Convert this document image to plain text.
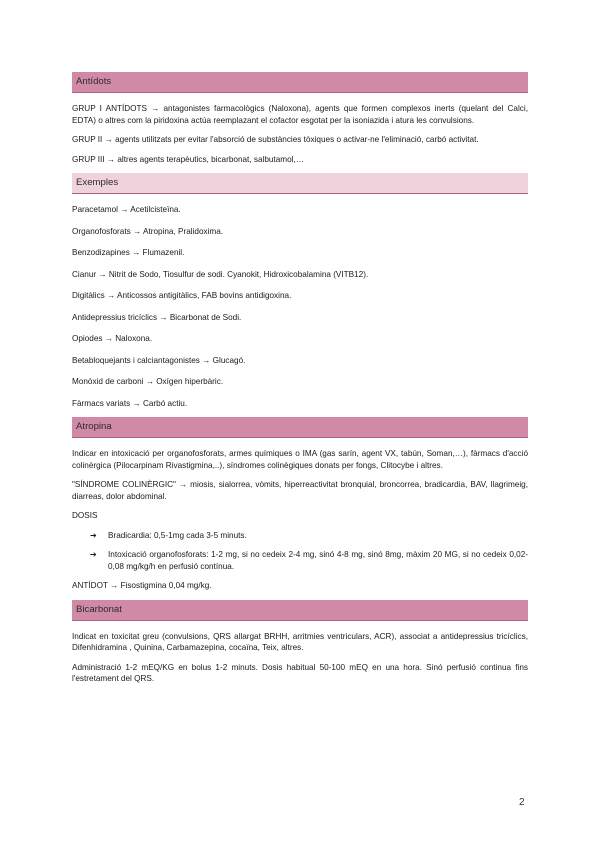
Antídots

GRUP I ANTÍDOTS → antagonistes farmacològics (Naloxona), agents que formen complexos inerts (quelant del Calci, EDTA) o altres com la piridoxina actúa reemplazant el cofactor esgotat per la isoniazida i atura les convulsions.

GRUP II → agents utilitzats per evitar l'absorció de substàncies tòxiques o activar-ne l'eliminació, carbó activitat.

GRUP III → altres agents terapèutics, bicarbonat, salbutamol,…

Exemples

Paracetamol → Acetilcisteïna.

Organofosforats → Atropina, Pralidoxima.

Benzodizapines → Flumazenil.

Cianur → Nitrit de Sodo, Tiosulfur de sodi. Cyanokit, Hidroxicobalamina (VITB12).

Digitàlics → Anticossos antigitàlics, FAB bovins antidigoxina.

Antidepressius tricíclics → Bicarbonat de Sodi.

Opiodes → Naloxona.

Betabloquejants i calciantagonistes → Glucagó.

Monòxid de carboni → Oxígen hiperbàric.

Fàrmacs variats → Carbó actiu.

Atropina

Indicar en intoxicació per organofosforats, armes químiques o IMA (gas sarín, agent VX, tabún, Soman,…), fàrmacs d'acció colinèrgica (Pilocarpinam Rivastigmina,..), síndromes colinègiques donats per fongs, Clitocybe i altres.

"SÍNDROME COLINÈRGIC" → miosis, sialorrea, vòmits, hiperreactivitat bronquial, broncorrea, bradicardia, BAV, llagrimeig, diarreas, dolor abdominal.

DOSIS

➔ Bradicardia: 0,5-1mg cada 3-5 minuts.
➔ Intoxicació organofosforats: 1-2 mg, si no cedeix 2-4 mg, sinó 4-8 mg, sinó 8mg, màxim 20 MG, si no cedeix 0,02-0,08 mg/kg/h en perfusió contínua.

ANTÍDOT → Fisostigmina 0,04 mg/kg.

Bicarbonat

Indicat en toxicitat greu (convulsions, QRS allargat BRHH, arritmies ventriculars, ACR), associat a antidepressius tricíclics, Difenhidramina , Quinina, Carbamazepina, cocaïna, Teix, altres.

Administració 1-2 mEQ/KG en bolus 1-2 minuts. Dosis habitual 50-100 mEQ en una hora. Sinó perfusió continua fins l'estretament del QRS.

2
